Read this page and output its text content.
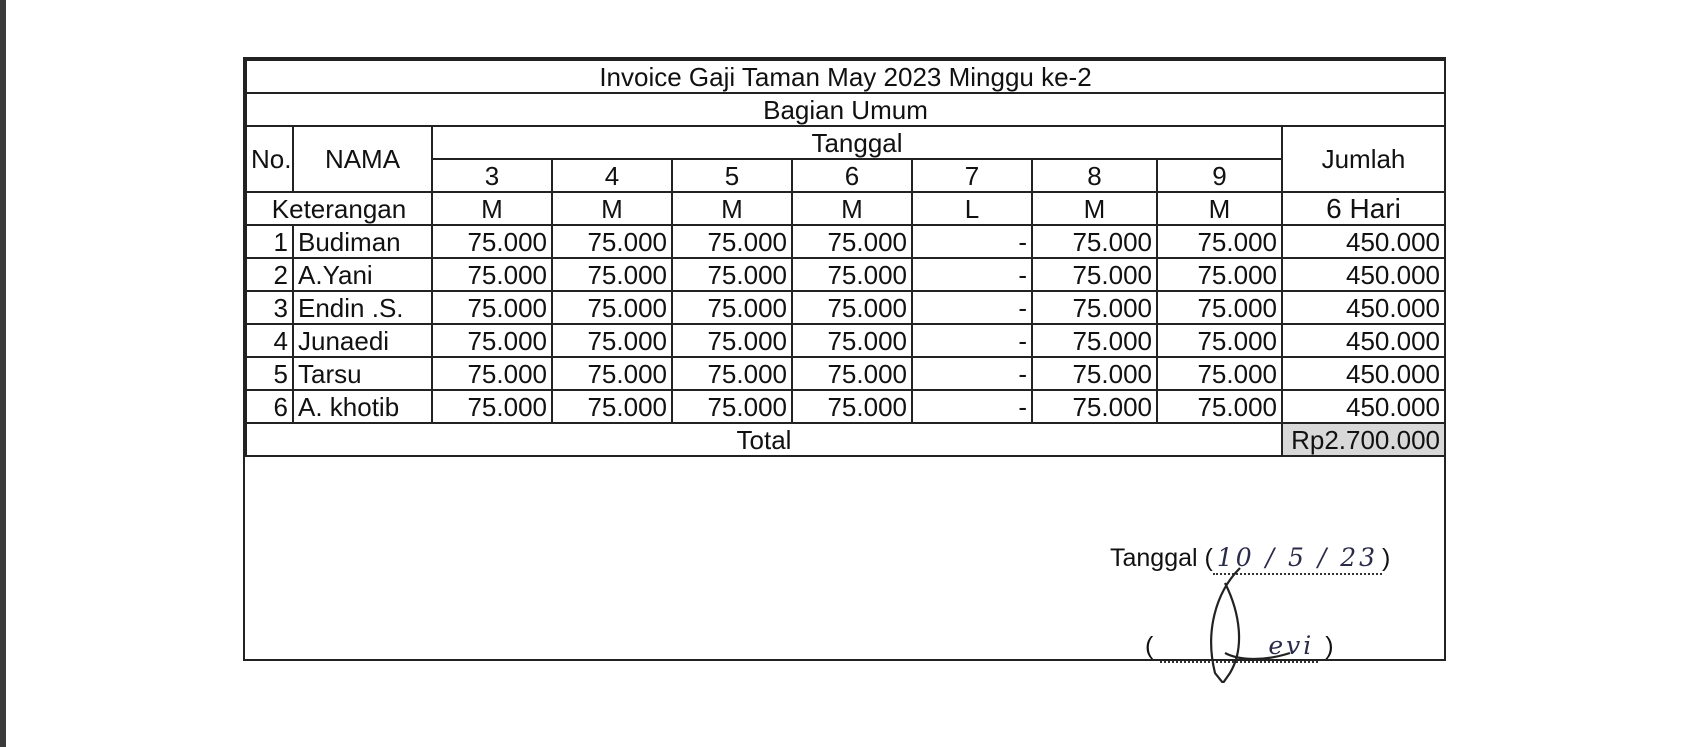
Invoice Gaji Taman May 2023 Minggu ke-2									
Bagian Umum									
No.	NAMA	Tanggal							Jumlah
		3	4	5	6	7	8	9	
Keterangan		M	M	M	M	L	M	M	6 Hari
1	Budiman	75.000	75.000	75.000	75.000	-	75.000	75.000	450.000
2	A.Yani	75.000	75.000	75.000	75.000	-	75.000	75.000	450.000
3	Endin .S.	75.000	75.000	75.000	75.000	-	75.000	75.000	450.000
4	Junaedi	75.000	75.000	75.000	75.000	-	75.000	75.000	450.000
5	Tarsu	75.000	75.000	75.000	75.000	-	75.000	75.000	450.000
6	A. khotib	75.000	75.000	75.000	75.000	-	75.000	75.000	450.000
Total									Rp2.700.000
Tanggal ( 10 / 5 / 23 )
(	evi )
